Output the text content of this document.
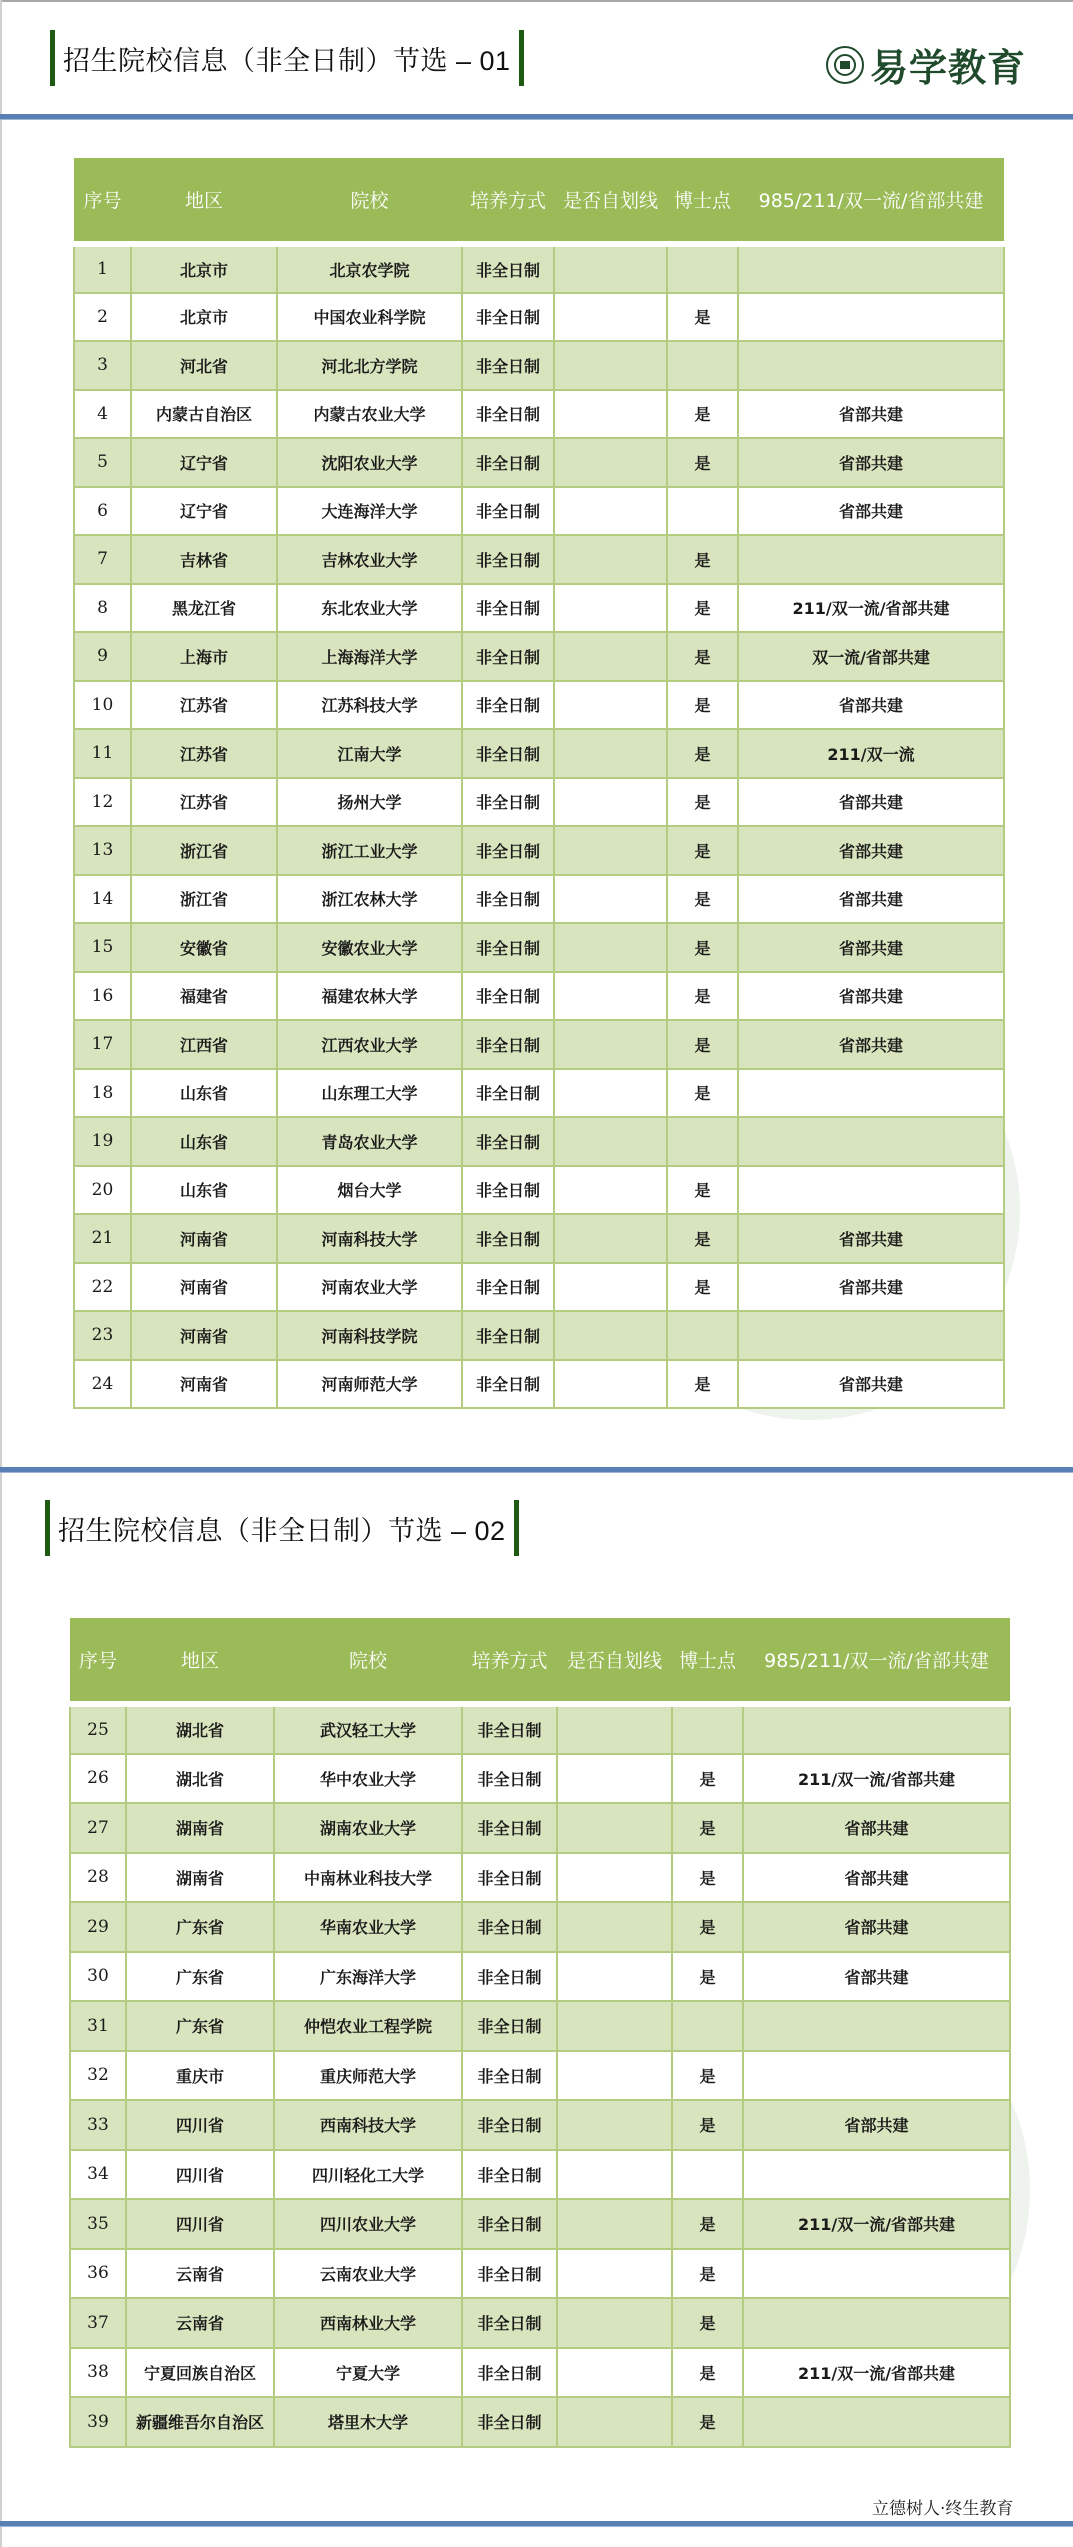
招生院校信息（非全日制）节选 – 01	易学教育
序号	地区	院校	培养方式	是否自划线	博士点	985/211/双一流/省部共建
1	北京市	北京农学院	非全日制			
2	北京市	中国农业科学院	非全日制		是	
3	河北省	河北北方学院	非全日制			
4	内蒙古自治区	内蒙古农业大学	非全日制		是	省部共建
5	辽宁省	沈阳农业大学	非全日制		是	省部共建
6	辽宁省	大连海洋大学	非全日制			省部共建
7	吉林省	吉林农业大学	非全日制		是	
8	黑龙江省	东北农业大学	非全日制		是	211/双一流/省部共建
9	上海市	上海海洋大学	非全日制		是	双一流/省部共建
10	江苏省	江苏科技大学	非全日制		是	省部共建
11	江苏省	江南大学	非全日制		是	211/双一流
12	江苏省	扬州大学	非全日制		是	省部共建
13	浙江省	浙江工业大学	非全日制		是	省部共建
14	浙江省	浙江农林大学	非全日制		是	省部共建
15	安徽省	安徽农业大学	非全日制		是	省部共建
16	福建省	福建农林大学	非全日制		是	省部共建
17	江西省	江西农业大学	非全日制		是	省部共建
18	山东省	山东理工大学	非全日制		是	
19	山东省	青岛农业大学	非全日制			
20	山东省	烟台大学	非全日制		是	
21	河南省	河南科技大学	非全日制		是	省部共建
22	河南省	河南农业大学	非全日制		是	省部共建
23	河南省	河南科技学院	非全日制			
24	河南省	河南师范大学	非全日制		是	省部共建
招生院校信息（非全日制）节选 – 02
序号	地区	院校	培养方式	是否自划线	博士点	985/211/双一流/省部共建
25	湖北省	武汉轻工大学	非全日制			
26	湖北省	华中农业大学	非全日制		是	211/双一流/省部共建
27	湖南省	湖南农业大学	非全日制		是	省部共建
28	湖南省	中南林业科技大学	非全日制		是	省部共建
29	广东省	华南农业大学	非全日制		是	省部共建
30	广东省	广东海洋大学	非全日制		是	省部共建
31	广东省	仲恺农业工程学院	非全日制			
32	重庆市	重庆师范大学	非全日制		是	
33	四川省	西南科技大学	非全日制		是	省部共建
34	四川省	四川轻化工大学	非全日制			
35	四川省	四川农业大学	非全日制		是	211/双一流/省部共建
36	云南省	云南农业大学	非全日制		是	
37	云南省	西南林业大学	非全日制		是	
38	宁夏回族自治区	宁夏大学	非全日制		是	211/双一流/省部共建
39	新疆维吾尔自治区	塔里木大学	非全日制		是	
立德树人·终生教育
